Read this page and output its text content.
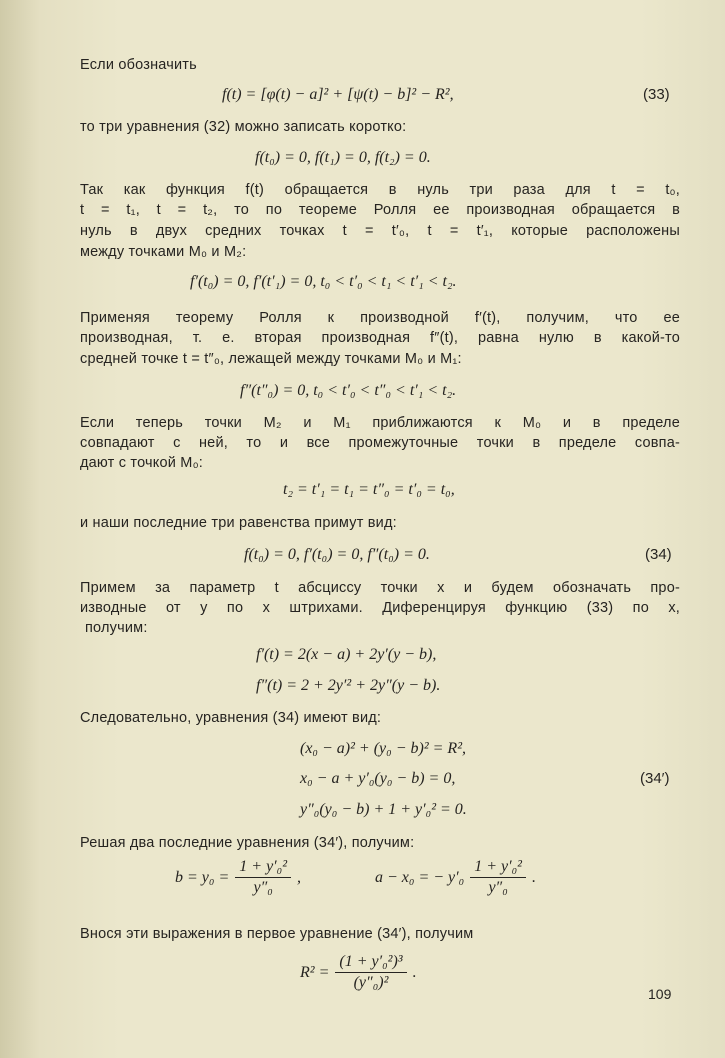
Если обозначить
f(t) = [φ(t) − a]² + [ψ(t) − b]² − R²,	(33)
то три уравнения (32) можно записать коротко:
f(t₀) = 0, f(t₁) = 0, f(t₂) = 0.
Так как функция f(t) обращается в нуль три раза для t = t₀,
t = t₁, t = t₂, то по теореме Ролля ее производная обращается в
нуль в двух средних точках t = t′₀, t = t′₁, которые расположены
между точками M₀ и M₂:
f′(t₀) = 0, f′(t′₁) = 0, t₀ < t′₀ < t₁ < t′₁ < t₂.
Применяя теорему Ролля к производной f′(t), получим, что ее
производная, т. е. вторая производная f″(t), равна нулю в какой-то
средней точке t = t″₀, лежащей между точками M₀ и M₁:
f″(t″₀) = 0, t₀ < t′₀ < t″₀ < t′₁ < t₂.
Если теперь точки M₂ и M₁ приближаются к M₀ и в пределе
совпадают с ней, то и все промежуточные точки в пределе совпа-
дают с точкой M₀:
t₂ = t′₁ = t₁ = t″₀ = t′₀ = t₀,
и наши последние три равенства примут вид:
f(t₀) = 0, f′(t₀) = 0, f″(t₀) = 0.	(34)
Примем за параметр t абсциссу точки x и будем обозначать про-
изводные от y по x штрихами. Диференцируя функцию (33) по x,
получим:
f′(t) = 2(x − a) + 2y′(y − b),
f″(t) = 2 + 2y′² + 2y″(y − b).
Следовательно, уравнения (34) имеют вид:
(x₀ − a)² + (y₀ − b)² = R²,
x₀ − a + y′₀(y₀ − b) = 0,	(34′)
y″₀(y₀ − b) + 1 + y′₀² = 0.
Решая два последние уравнения (34′), получим:
$b = y_0 = \frac{\text{1 + y′₀²}}{\text{y″₀}}$ ,	a − x₀ = − $y'_0 \frac{\text{1 + y′₀²}}{\text{y″₀}}$ .
Внося эти выражения в первое уравнение (34′), получим
$R^2 = \frac{\text{(1 + y′₀²)³}}{\text{(y″₀)²}}$ .
109
